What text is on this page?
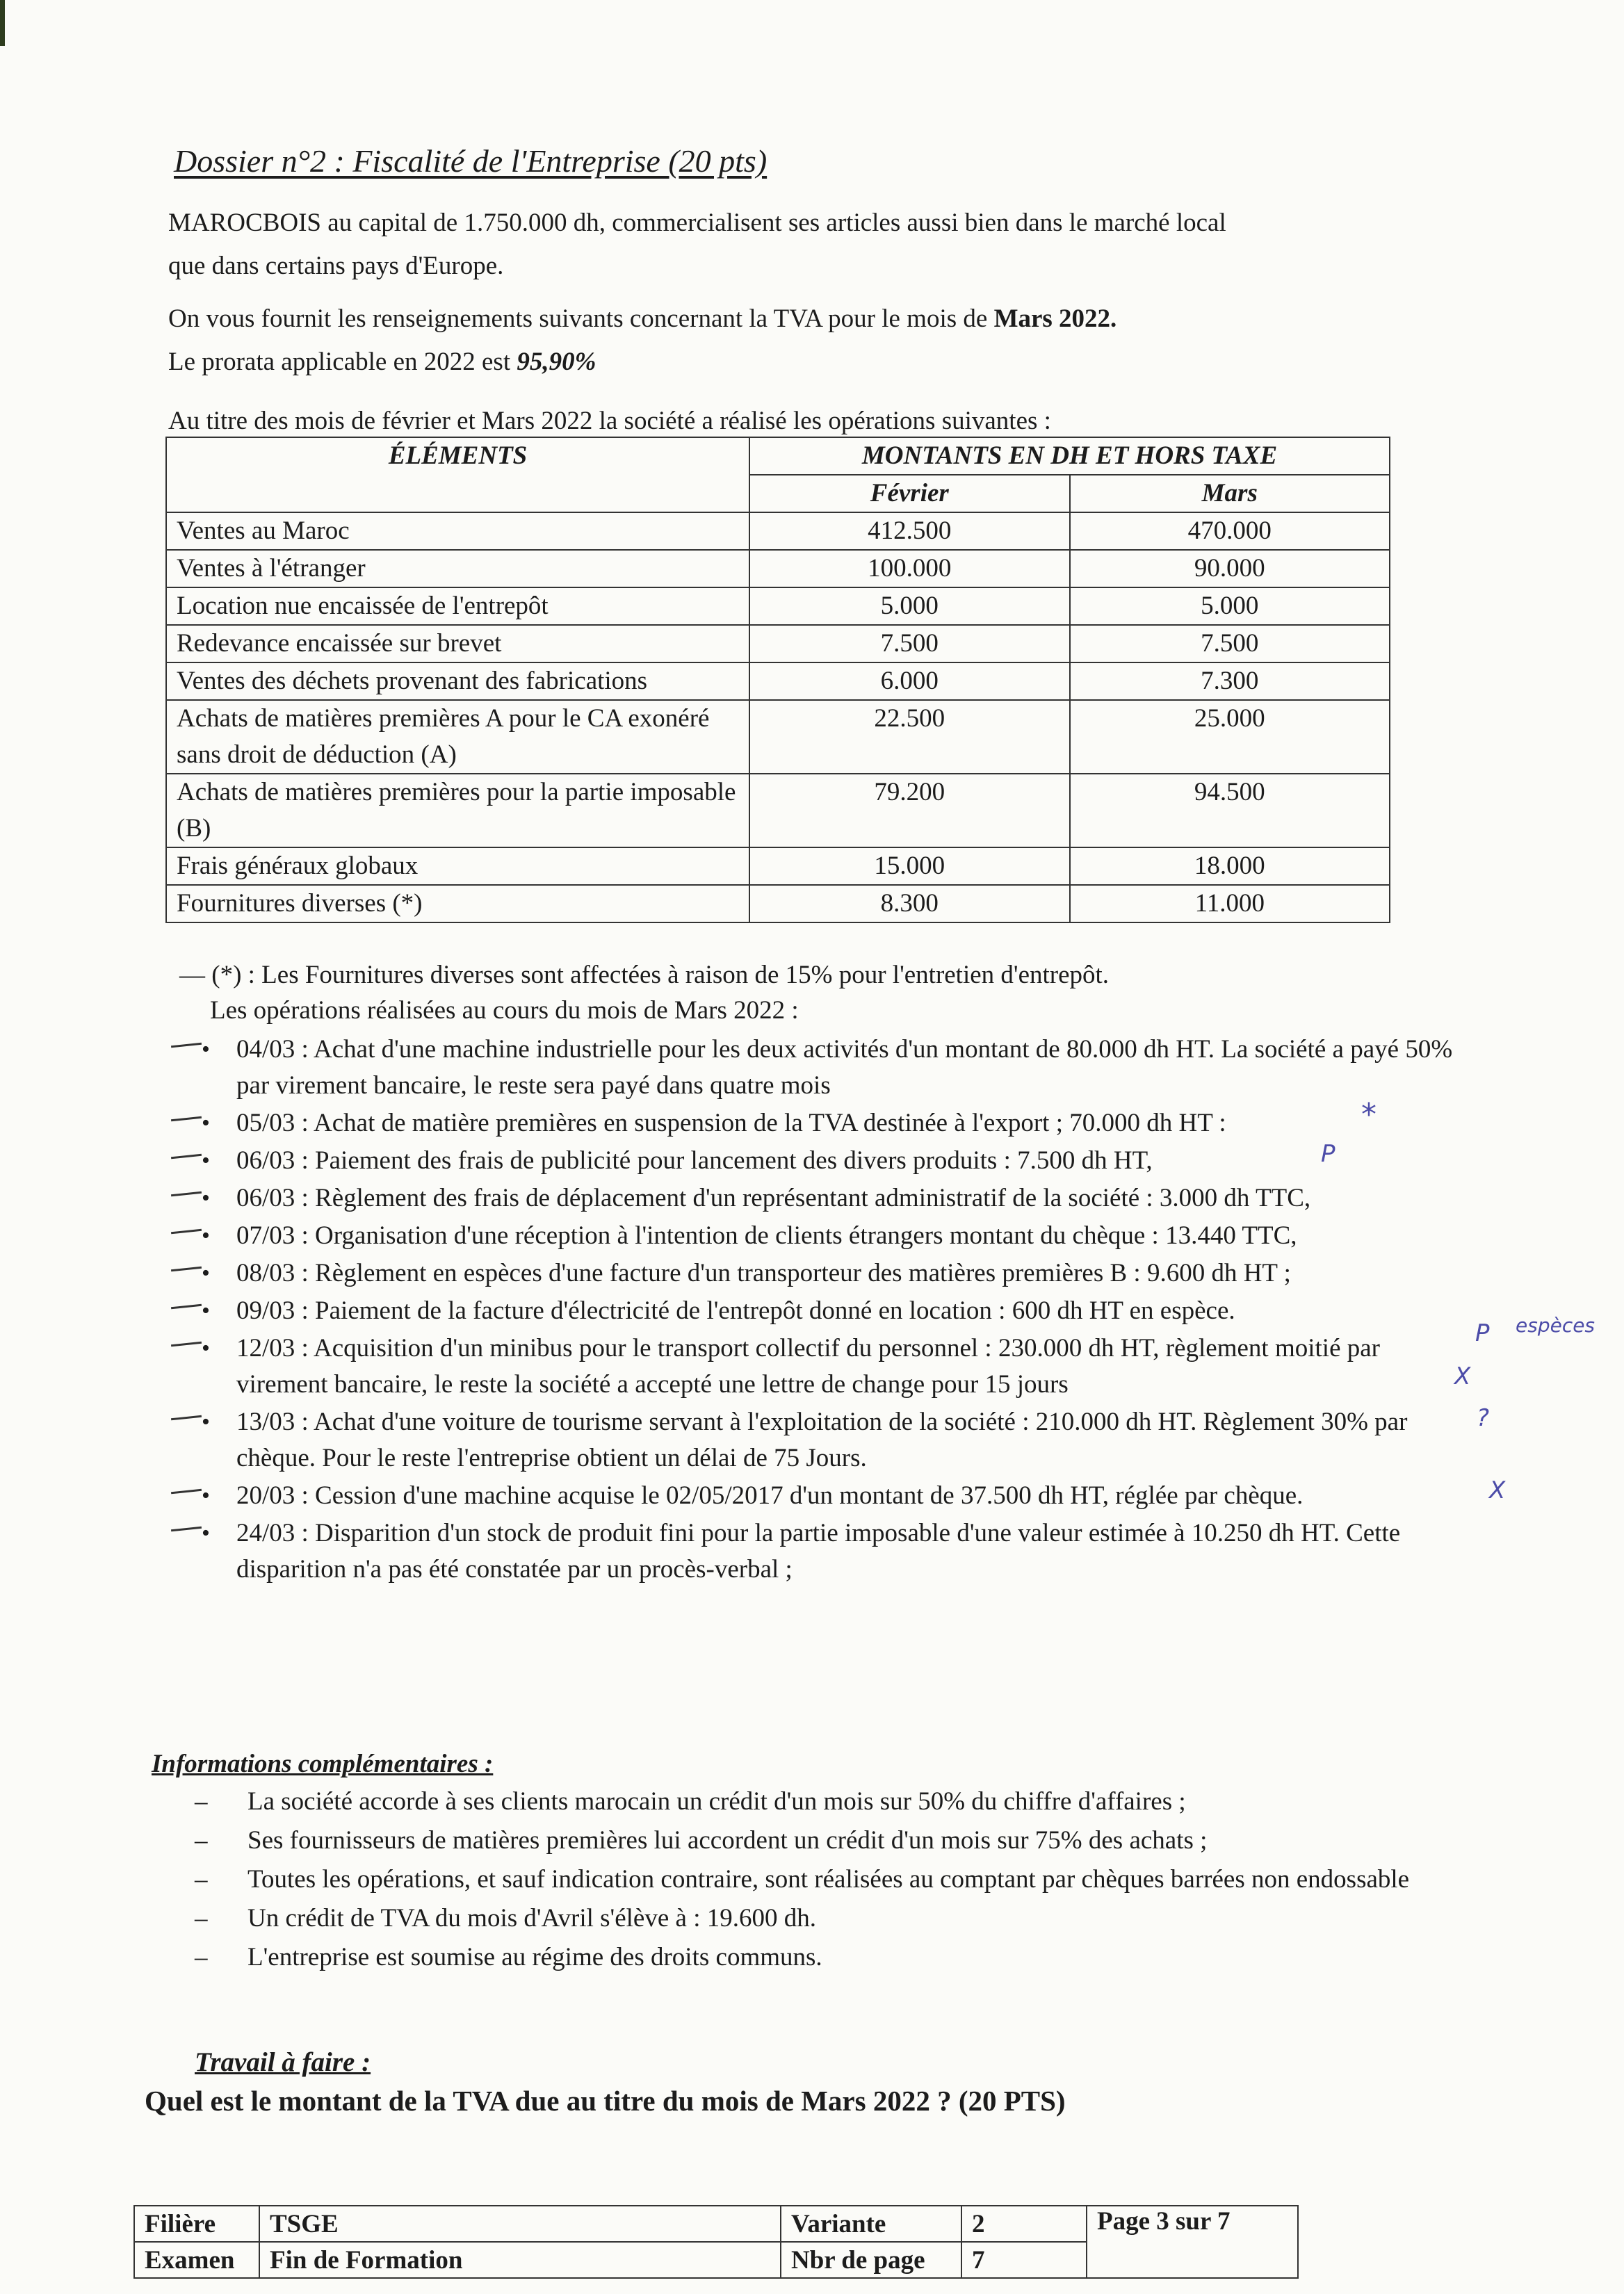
Dossier n°2 : Fiscalité de l'Entreprise (20 pts)

MAROCBOIS au capital de 1.750.000 dh, commercialisent ses articles aussi bien dans le marché local
que dans certains pays d'Europe.

On vous fournit les renseignements suivants concernant la TVA pour le mois de Mars 2022.
Le prorata applicable en 2022 est 95,90%

Au titre des mois de février et Mars 2022 la société a réalisé les opérations suivantes :

ÉLÉMENTS	MONTANTS EN DH ET HORS TAXE	
	Février	Mars
Ventes au Maroc	412.500	470.000
Ventes à l'étranger	100.000	90.000
Location nue encaissée de l'entrepôt	5.000	5.000
Redevance encaissée sur brevet	7.500	7.500
Ventes des déchets provenant des fabrications	6.000	7.300
Achats de matières premières A pour le CA exonéré sans droit de déduction (A)	22.500	25.000
Achats de matières premières pour la partie imposable (B)	79.200	94.500
Frais généraux globaux	15.000	18.000
Fournitures diverses (*)	8.300	11.000
— (*) : Les Fournitures diverses sont affectées à raison de 15% pour l'entretien d'entrepôt.
Les opérations réalisées au cours du mois de Mars 2022 :
• 04/03 : Achat d'une machine industrielle pour les deux activités d'un montant de 80.000 dh HT. La société a payé 50% par virement bancaire, le reste sera payé dans quatre mois
• 05/03 : Achat de matière premières en suspension de la TVA destinée à l'export ; 70.000 dh HT :
• 06/03 : Paiement des frais de publicité pour lancement des divers produits : 7.500 dh HT,
• 06/03 : Règlement des frais de déplacement d'un représentant administratif de la société : 3.000 dh TTC,
• 07/03 : Organisation d'une réception à l'intention de clients étrangers montant du chèque : 13.440 TTC,
• 08/03 : Règlement en espèces d'une facture d'un transporteur des matières premières B : 9.600 dh HT ;
• 09/03 : Paiement de la facture d'électricité de l'entrepôt donné en location : 600 dh HT en espèce.
• 12/03 : Acquisition d'un minibus pour le transport collectif du personnel : 230.000 dh HT, règlement moitié par virement bancaire, le reste la société a accepté une lettre de change pour 15 jours
• 13/03 : Achat d'une voiture de tourisme servant à l'exploitation de la société : 210.000 dh HT. Règlement 30% par chèque. Pour le reste l'entreprise obtient un délai de 75 Jours.
• 20/03 : Cession d'une machine acquise le 02/05/2017 d'un montant de 37.500 dh HT, réglée par chèque.
• 24/03 : Disparition d'un stock de produit fini pour la partie imposable d'une valeur estimée à 10.250 dh HT. Cette disparition n'a pas été constatée par un procès-verbal ;
*
P
P espèces
X
?
X
Informations complémentaires :
– La société accorde à ses clients marocain un crédit d'un mois sur 50% du chiffre d'affaires ;
– Ses fournisseurs de matières premières lui accordent un crédit d'un mois sur 75% des achats ;
– Toutes les opérations, et sauf indication contraire, sont réalisées au comptant par chèques barrées non endossable
– Un crédit de TVA du mois d'Avril s'élève à : 19.600 dh.
– L'entreprise est soumise au régime des droits communs.
Travail à faire :
Quel est le montant de la TVA due au titre du mois de Mars 2022 ? (20 PTS)
Filière	TSGE	Variante	2	Page 3 sur 7
Examen	Fin de Formation	Nbr de page	7	
